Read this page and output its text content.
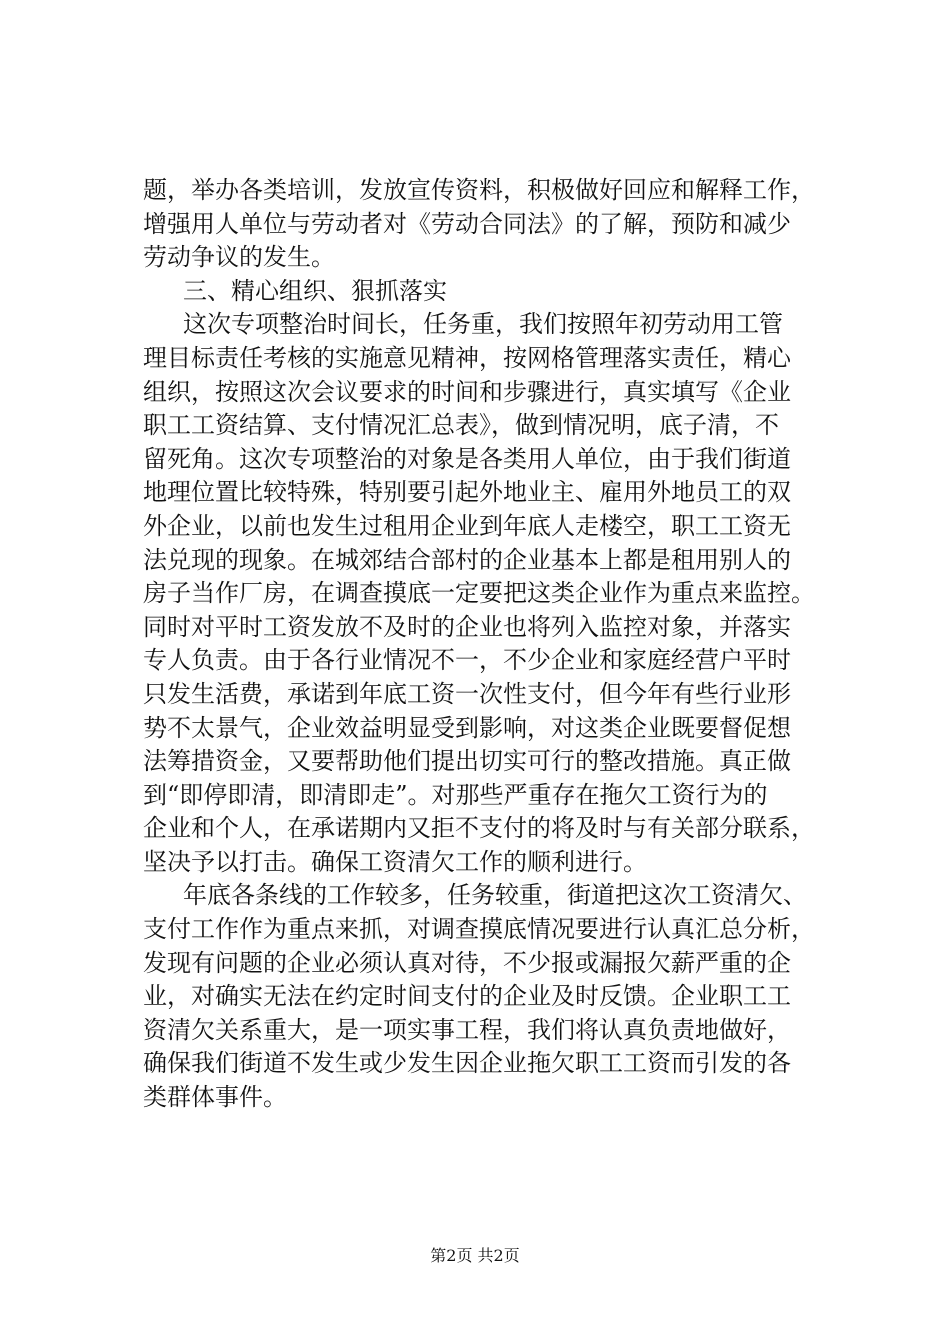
题，举办各类培训，发放宣传资料，积极做好回应和解释工作，
增强用人单位与劳动者对《劳动合同法》的了解，预防和减少
劳动争议的发生。
三、精心组织、狠抓落实
这次专项整治时间长，任务重，我们按照年初劳动用工管
理目标责任考核的实施意见精神，按网格管理落实责任，精心
组织，按照这次会议要求的时间和步骤进行，真实填写《企业
职工工资结算、支付情况汇总表》，做到情况明，底子清，不
留死角。这次专项整治的对象是各类用人单位，由于我们街道
地理位置比较特殊，特别要引起外地业主、雇用外地员工的双
外企业，以前也发生过租用企业到年底人走楼空，职工工资无
法兑现的现象。在城郊结合部村的企业基本上都是租用别人的
房子当作厂房，在调查摸底一定要把这类企业作为重点来监控。
同时对平时工资发放不及时的企业也将列入监控对象，并落实
专人负责。由于各行业情况不一，不少企业和家庭经营户平时
只发生活费，承诺到年底工资一次性支付，但今年有些行业形
势不太景气，企业效益明显受到影响，对这类企业既要督促想
法筹措资金，又要帮助他们提出切实可行的整改措施。真正做
到“即停即清，即清即走”。对那些严重存在拖欠工资行为的
企业和个人，在承诺期内又拒不支付的将及时与有关部分联系，
坚决予以打击。确保工资清欠工作的顺利进行。
年底各条线的工作较多，任务较重，街道把这次工资清欠、
支付工作作为重点来抓，对调查摸底情况要进行认真汇总分析，
发现有问题的企业必须认真对待，不少报或漏报欠薪严重的企
业，对确实无法在约定时间支付的企业及时反馈。企业职工工
资清欠关系重大，是一项实事工程，我们将认真负责地做好，
确保我们街道不发生或少发生因企业拖欠职工工资而引发的各
类群体事件。
第2页 共2页
